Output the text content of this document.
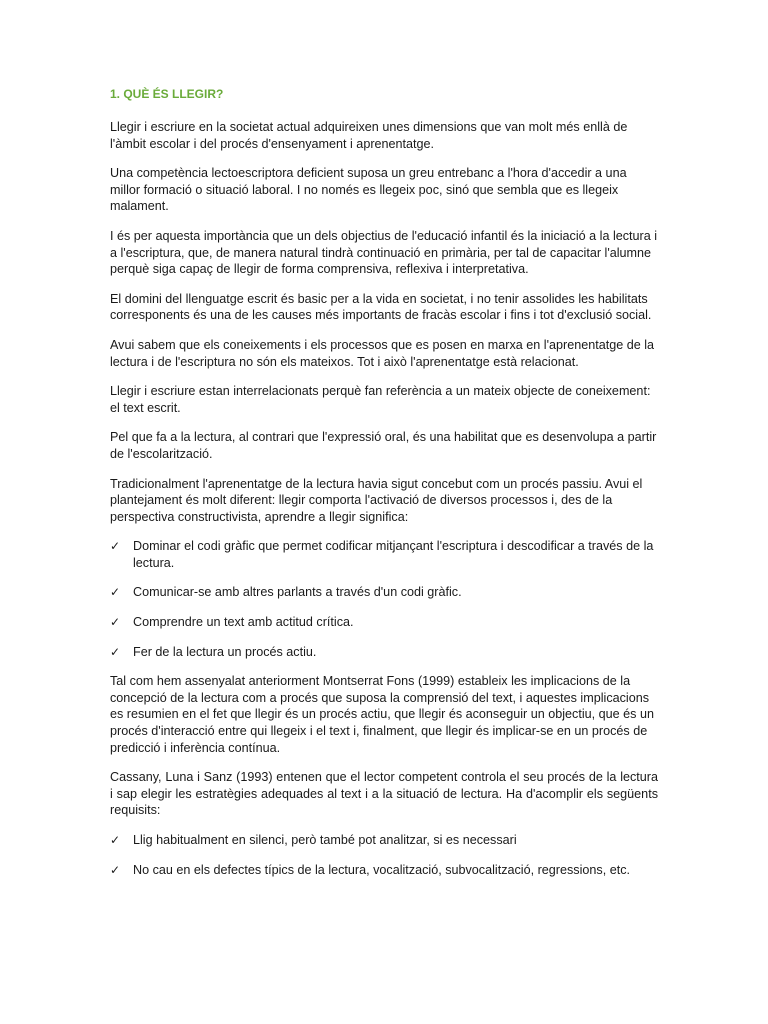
1. QUÈ ÉS LLEGIR?

Llegir i escriure en la societat actual adquireixen unes dimensions que van molt més enllà de l'àmbit escolar i del procés d'ensenyament i aprenentatge.

Una competència lectoescriptora deficient suposa un greu entrebanc a l'hora d'accedir a una millor formació o situació laboral. I no només es llegeix poc, sinó que sembla que es llegeix malament.

I és per aquesta importància que un dels objectius de l'educació infantil és la iniciació a la lectura i a l'escriptura, que, de manera natural tindrà continuació en primària, per tal de capacitar l'alumne perquè siga capaç de llegir de forma comprensiva, reflexiva i interpretativa.

El domini del llenguatge escrit és basic per a la vida en societat, i no tenir assolides les habilitats corresponents és una de les causes més importants de fracàs escolar i fins i tot d'exclusió social.

Avui sabem que els coneixements i els processos que es posen en marxa en l'aprenentatge de la lectura i de l'escriptura no són els mateixos. Tot i això l'aprenentatge està relacionat.

Llegir i escriure estan interrelacionats perquè fan referència a un mateix objecte de coneixement: el text escrit.

Pel que fa a la lectura, al contrari que l'expressió oral, és una habilitat que es desenvolupa a partir de l'escolarització.

Tradicionalment l'aprenentatge de la lectura havia sigut concebut com un procés passiu. Avui el plantejament és molt diferent: llegir comporta l'activació de diversos processos i, des de la perspectiva constructivista, aprendre a llegir significa:

✓ Dominar el codi gràfic que permet codificar mitjançant l'escriptura i descodificar a través de la lectura.
✓ Comunicar-se amb altres parlants a través d'un codi gràfic.
✓ Comprendre un text amb actitud crítica.
✓ Fer de la lectura un procés actiu.

Tal com hem assenyalat anteriorment Montserrat Fons (1999) estableix les implicacions de la concepció de la lectura com a procés que suposa la comprensió del text, i aquestes implicacions es resumien en el fet que llegir és un procés actiu, que llegir és aconseguir un objectiu, que és un procés d'interacció entre qui llegeix i el text i, finalment, que llegir és implicar-se en un procés de predicció i inferència contínua.

Cassany, Luna i Sanz (1993) entenen que el lector competent controla el seu procés de la lectura i sap elegir les estratègies adequades al text i a la situació de lectura. Ha d'acomplir els següents requisits:

✓ Llig habitualment en silenci, però també pot analitzar, si es necessari
✓ No cau en els defectes típics de la lectura, vocalització, subvocalització, regressions, etc.
